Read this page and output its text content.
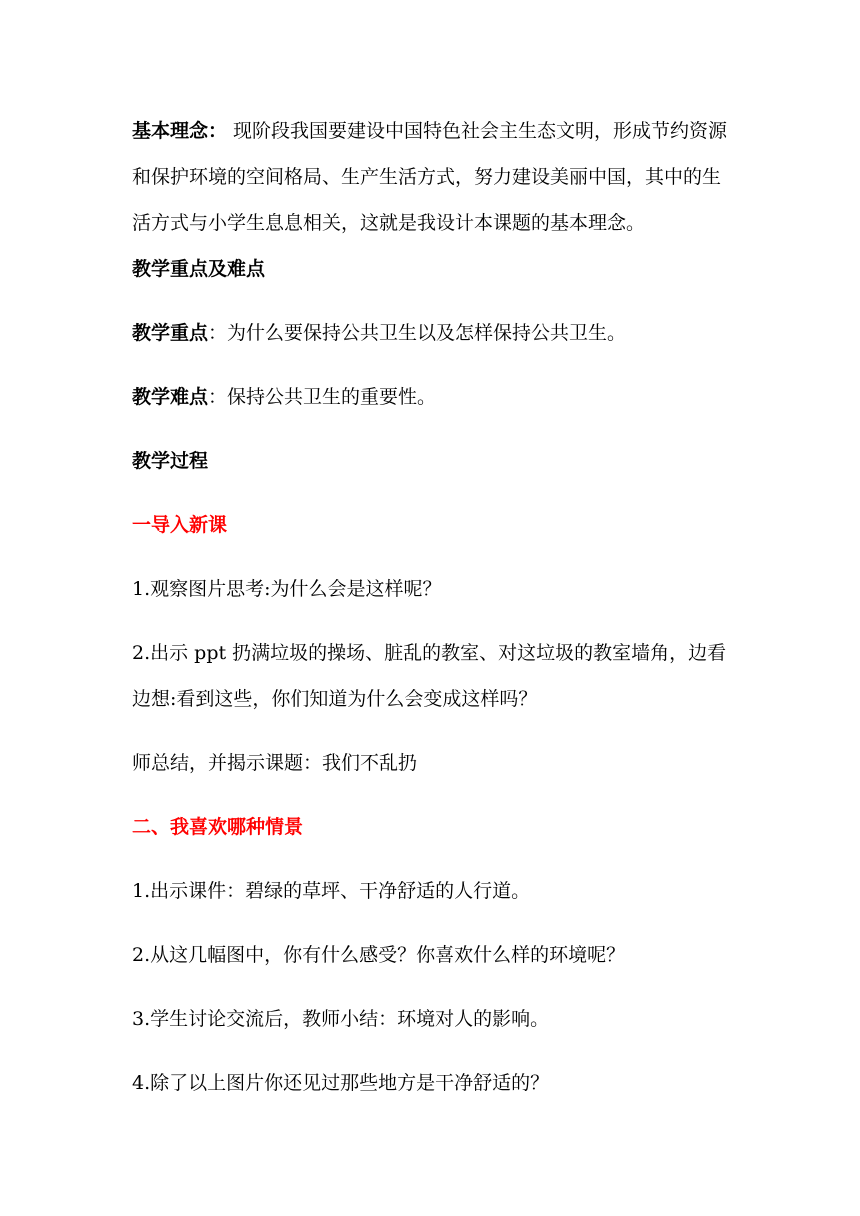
基本理念： 现阶段我国要建设中国特色社会主生态文明，形成节约资源和保护环境的空间格局、生产生活方式，努力建设美丽中国，其中的生活方式与小学生息息相关，这就是我设计本课题的基本理念。

教学重点及难点

教学重点：为什么要保持公共卫生以及怎样保持公共卫生。

教学难点：保持公共卫生的重要性。

教学过程

一导入新课

1.观察图片思考:为什么会是这样呢？

2.出示 ppt 扔满垃圾的操场、脏乱的教室、对这垃圾的教室墙角，边看边想:看到这些，你们知道为什么会变成这样吗？

师总结，并揭示课题：我们不乱扔

二、我喜欢哪种情景

1.出示课件：碧绿的草坪、干净舒适的人行道。

2.从这几幅图中，你有什么感受？你喜欢什么样的环境呢？

3.学生讨论交流后，教师小结：环境对人的影响。

4.除了以上图片你还见过那些地方是干净舒适的？
